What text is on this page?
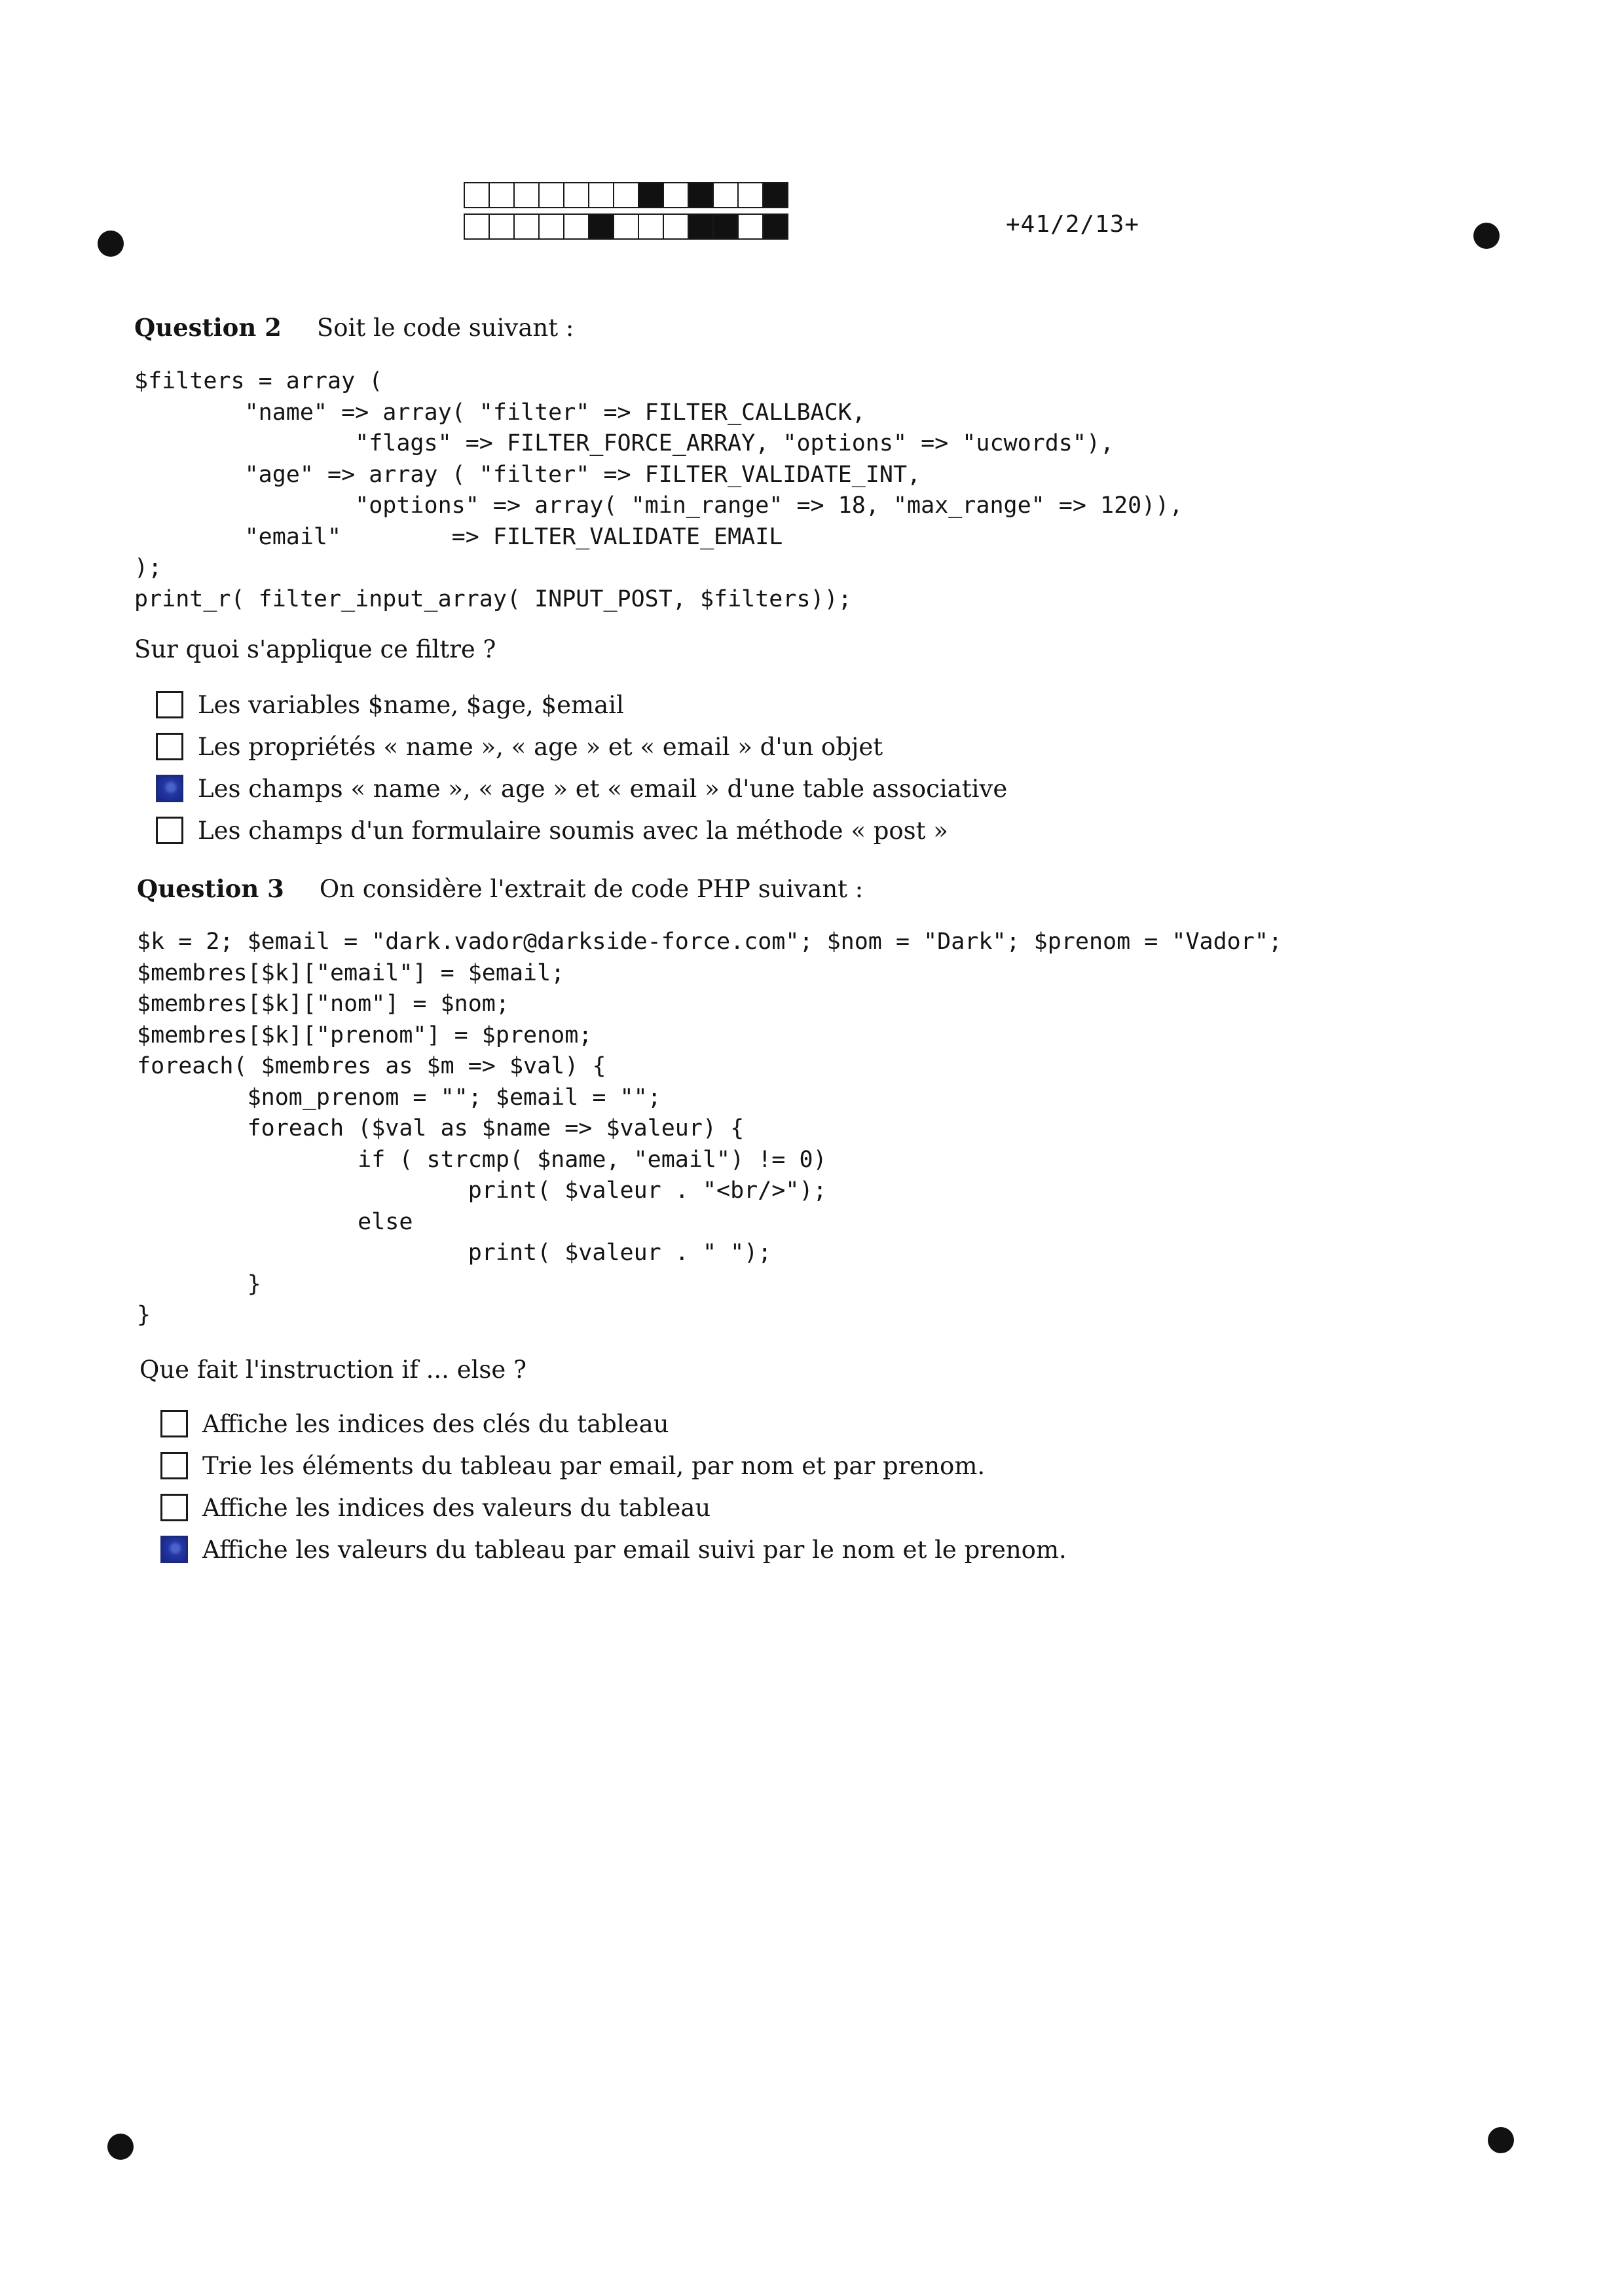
+41/2/13+
Question 2 Soit le code suivant :
$filters = array (
"name" => array( "filter" => FILTER_CALLBACK,
"flags" => FILTER_FORCE_ARRAY, "options" => "ucwords"),
"age" => array ( "filter" => FILTER_VALIDATE_INT,
"options" => array( "min_range" => 18, "max_range" => 120)),
"email"        => FILTER_VALIDATE_EMAIL
);
print_r( filter_input_array( INPUT_POST, $filters));
Sur quoi s'applique ce filtre ?
Les variables $name, $age, $email
Les propriétés « name », « age » et « email » d'un objet
Les champs « name », « age » et « email » d'une table associative
Les champs d'un formulaire soumis avec la méthode « post »
Question 3 On considère l'extrait de code PHP suivant :
$k = 2; $email = "dark.vador@darkside-force.com"; $nom = "Dark"; $prenom = "Vador";
$membres[$k]["email"] = $email;
$membres[$k]["nom"] = $nom;
$membres[$k]["prenom"] = $prenom;
foreach( $membres as $m => $val) {
$nom_prenom = ""; $email = "";
foreach ($val as $name => $valeur) {
if ( strcmp( $name, "email") != 0)
print( $valeur . "<br/>");
else
print( $valeur . " ");
}
}
Que fait l'instruction if ... else ?
Affiche les indices des clés du tableau
Trie les éléments du tableau par email, par nom et par prenom.
Affiche les indices des valeurs du tableau
Affiche les valeurs du tableau par email suivi par le nom et le prenom.
